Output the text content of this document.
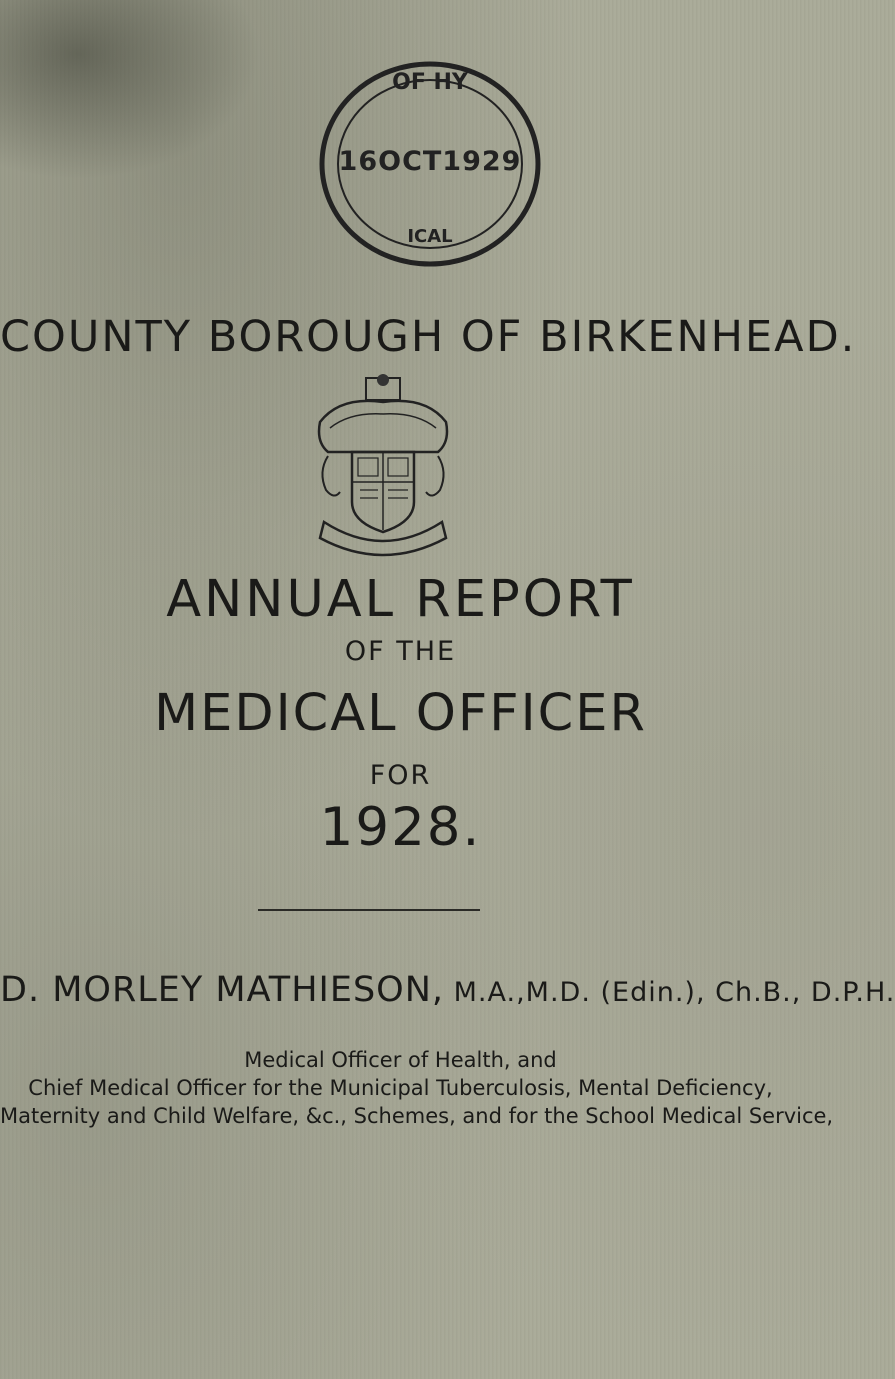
OF HY
16OCT1929
ICAL
COUNTY BOROUGH OF BIRKENHEAD.
ANNUAL REPORT
OF THE
MEDICAL OFFICER
FOR
1928.
D. MORLEY MATHIESON, M.A.,M.D. (Edin.), Ch.B., D.P.H.
Medical Officer of Health, and
Chief Medical Officer for the Municipal Tuberculosis, Mental Deficiency,
Maternity and Child Welfare, &c., Schemes, and for the School Medical Service,
